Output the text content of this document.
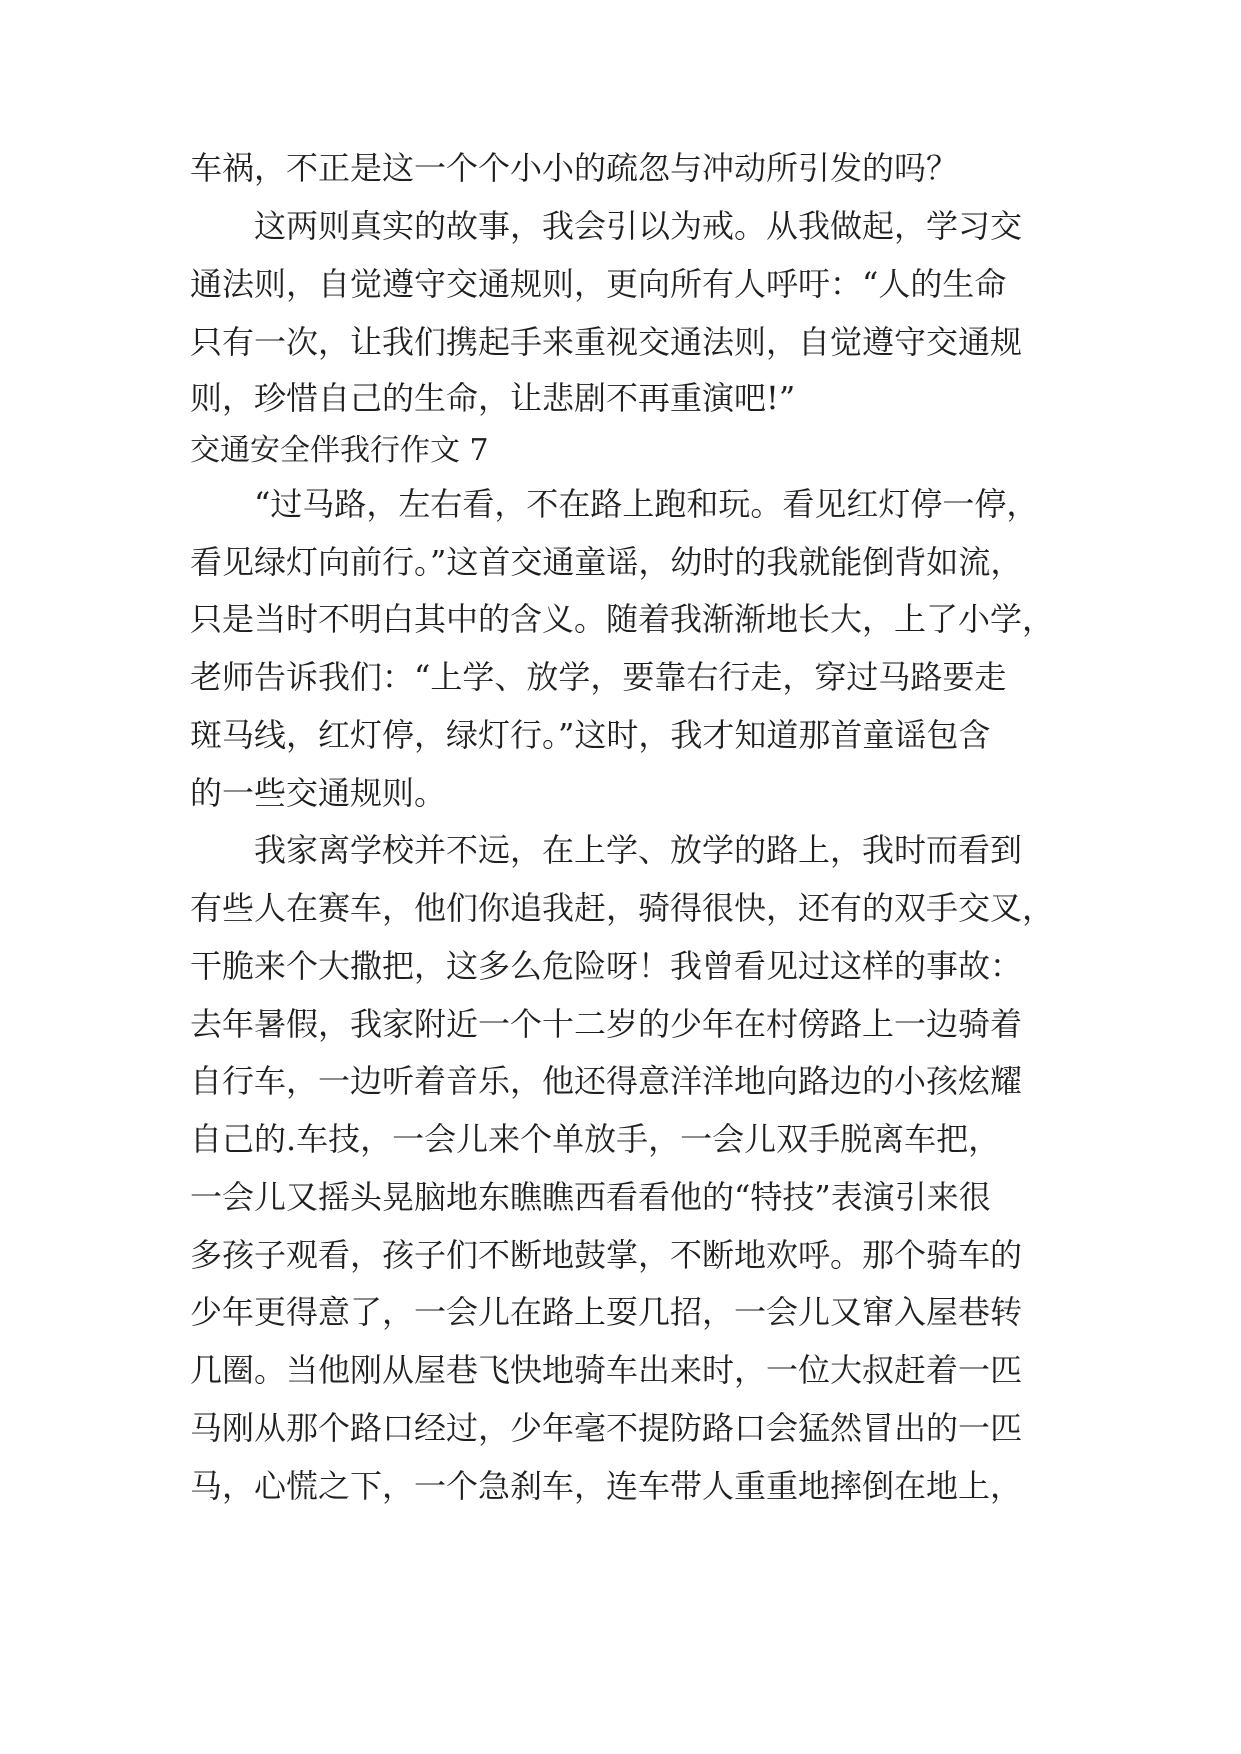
车祸，不正是这一个个小小的疏忽与冲动所引发的吗？
　　这两则真实的故事，我会引以为戒。从我做起，学习交
通法则，自觉遵守交通规则，更向所有人呼吁：“人的生命
只有一次，让我们携起手来重视交通法则，自觉遵守交通规
则，珍惜自己的生命，让悲剧不再重演吧!”
交通安全伴我行作文 7
　　“过马路，左右看，不在路上跑和玩。看见红灯停一停，
看见绿灯向前行。”这首交通童谣，幼时的我就能倒背如流，
只是当时不明白其中的含义。随着我渐渐地长大，上了小学，
老师告诉我们：“上学、放学，要靠右行走，穿过马路要走
斑马线，红灯停，绿灯行。”这时，我才知道那首童谣包含
的一些交通规则。
　　我家离学校并不远，在上学、放学的路上，我时而看到
有些人在赛车，他们你追我赶，骑得很快，还有的双手交叉，
干脆来个大撒把，这多么危险呀！我曾看见过这样的事故：
去年暑假，我家附近一个十二岁的少年在村傍路上一边骑着
自行车，一边听着音乐，他还得意洋洋地向路边的小孩炫耀
自己的.车技，一会儿来个单放手，一会儿双手脱离车把，
一会儿又摇头晃脑地东瞧瞧西看看他的“特技”表演引来很
多孩子观看，孩子们不断地鼓掌，不断地欢呼。那个骑车的
少年更得意了，一会儿在路上耍几招，一会儿又窜入屋巷转
几圈。当他刚从屋巷飞快地骑车出来时，一位大叔赶着一匹
马刚从那个路口经过，少年毫不提防路口会猛然冒出的一匹
马，心慌之下，一个急刹车，连车带人重重地摔倒在地上，
